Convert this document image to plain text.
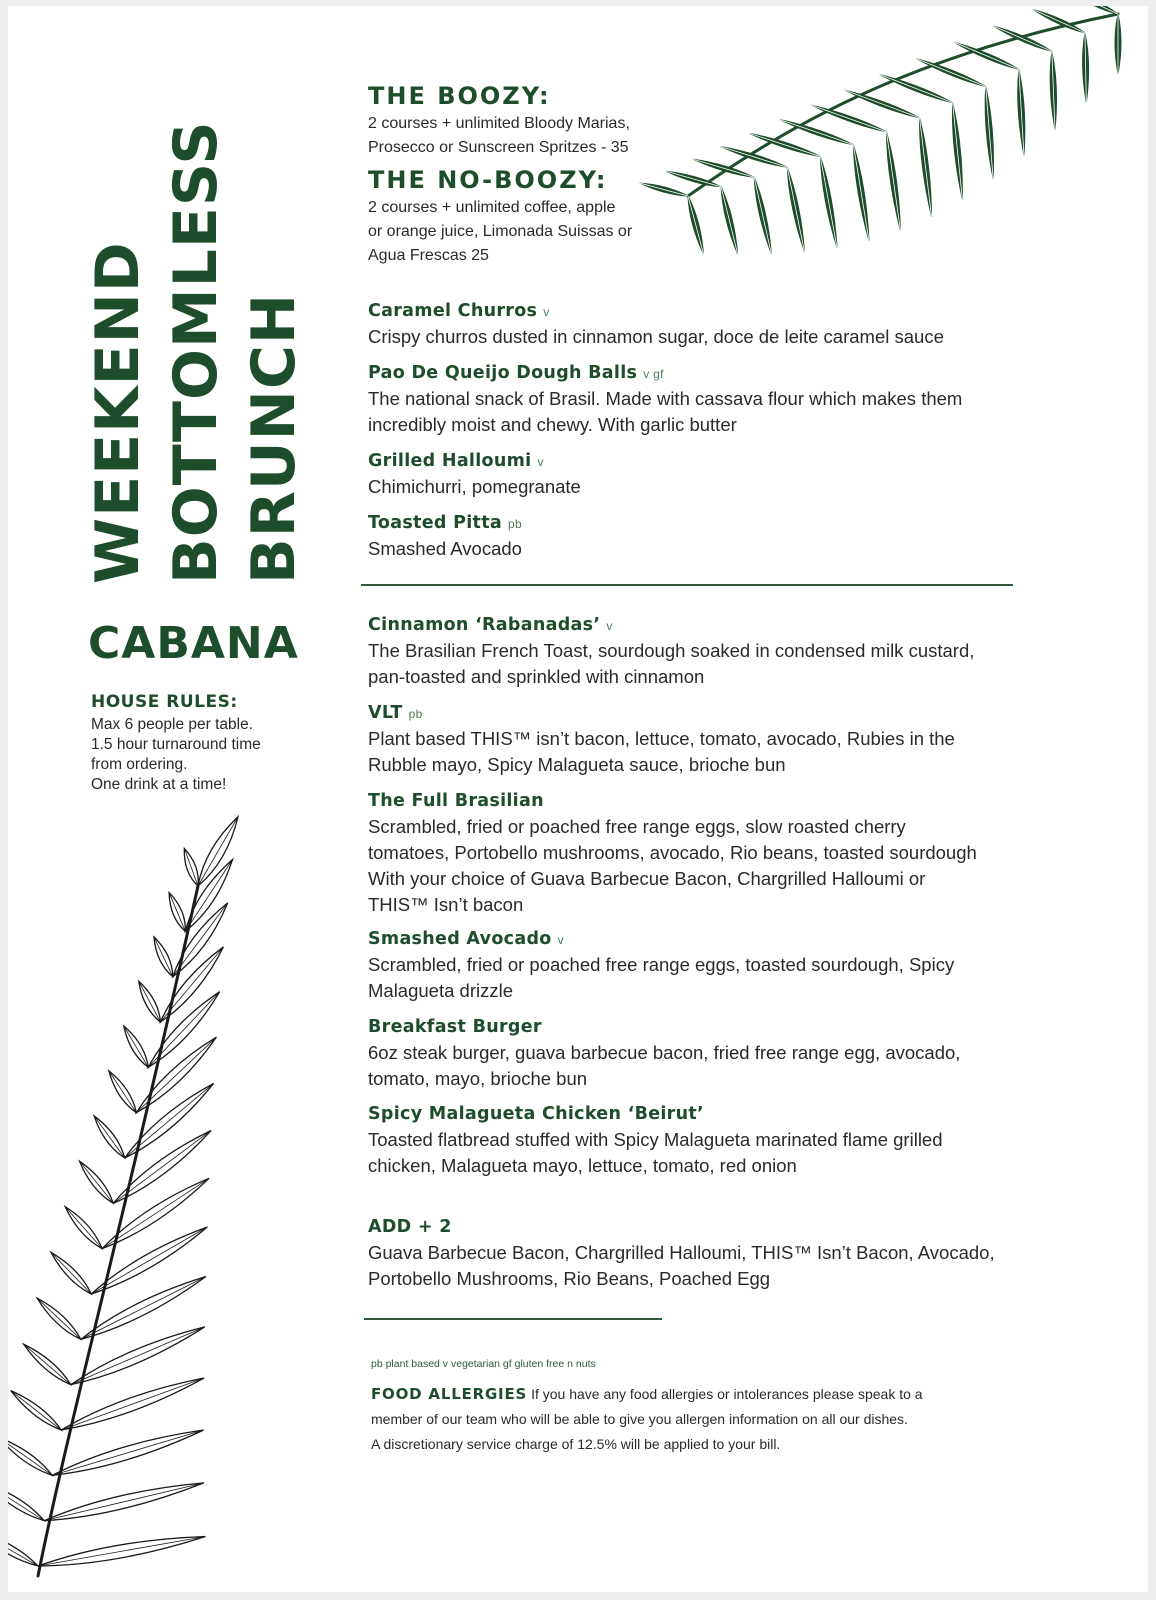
WEEKEND BOTTOMLESS BRUNCH
CABANA
HOUSE RULES:
Max 6 people per table.
1.5 hour turnaround time
from ordering.
One drink at a time!
THE BOOZY:
2 courses + unlimited Bloody Marias,
Prosecco or Sunscreen Spritzes - 35
THE NO-BOOZY:
2 courses + unlimited coffee, apple
or orange juice, Limonada Suissas or
Agua Frescas 25
Caramel Churros v
Crispy churros dusted in cinnamon sugar, doce de leite caramel sauce
Pao De Queijo Dough Balls v gf
The national snack of Brasil. Made with cassava flour which makes them
incredibly moist and chewy. With garlic butter
Grilled Halloumi v
Chimichurri, pomegranate
Toasted Pitta pb
Smashed Avocado
Cinnamon ‘Rabanadas’ v
The Brasilian French Toast, sourdough soaked in condensed milk custard,
pan-toasted and sprinkled with cinnamon
VLT pb
Plant based THIS™ isn’t bacon, lettuce, tomato, avocado, Rubies in the
Rubble mayo, Spicy Malagueta sauce, brioche bun
The Full Brasilian
Scrambled, fried or poached free range eggs, slow roasted cherry
tomatoes, Portobello mushrooms, avocado, Rio beans, toasted sourdough
With your choice of Guava Barbecue Bacon, Chargrilled Halloumi or
THIS™ Isn’t bacon
Smashed Avocado v
Scrambled, fried or poached free range eggs, toasted sourdough, Spicy
Malagueta drizzle
Breakfast Burger
6oz steak burger, guava barbecue bacon, fried free range egg, avocado,
tomato, mayo, brioche bun
Spicy Malagueta Chicken ‘Beirut’
Toasted flatbread stuffed with Spicy Malagueta marinated flame grilled
chicken, Malagueta mayo, lettuce, tomato, red onion
ADD + 2
Guava Barbecue Bacon, Chargrilled Halloumi, THIS™ Isn’t Bacon, Avocado,
Portobello Mushrooms, Rio Beans, Poached Egg
pb plant based v vegetarian gf gluten free n nuts
FOOD ALLERGIES If you have any food allergies or intolerances please speak to a
member of our team who will be able to give you allergen information on all our dishes.
A discretionary service charge of 12.5% will be applied to your bill.
